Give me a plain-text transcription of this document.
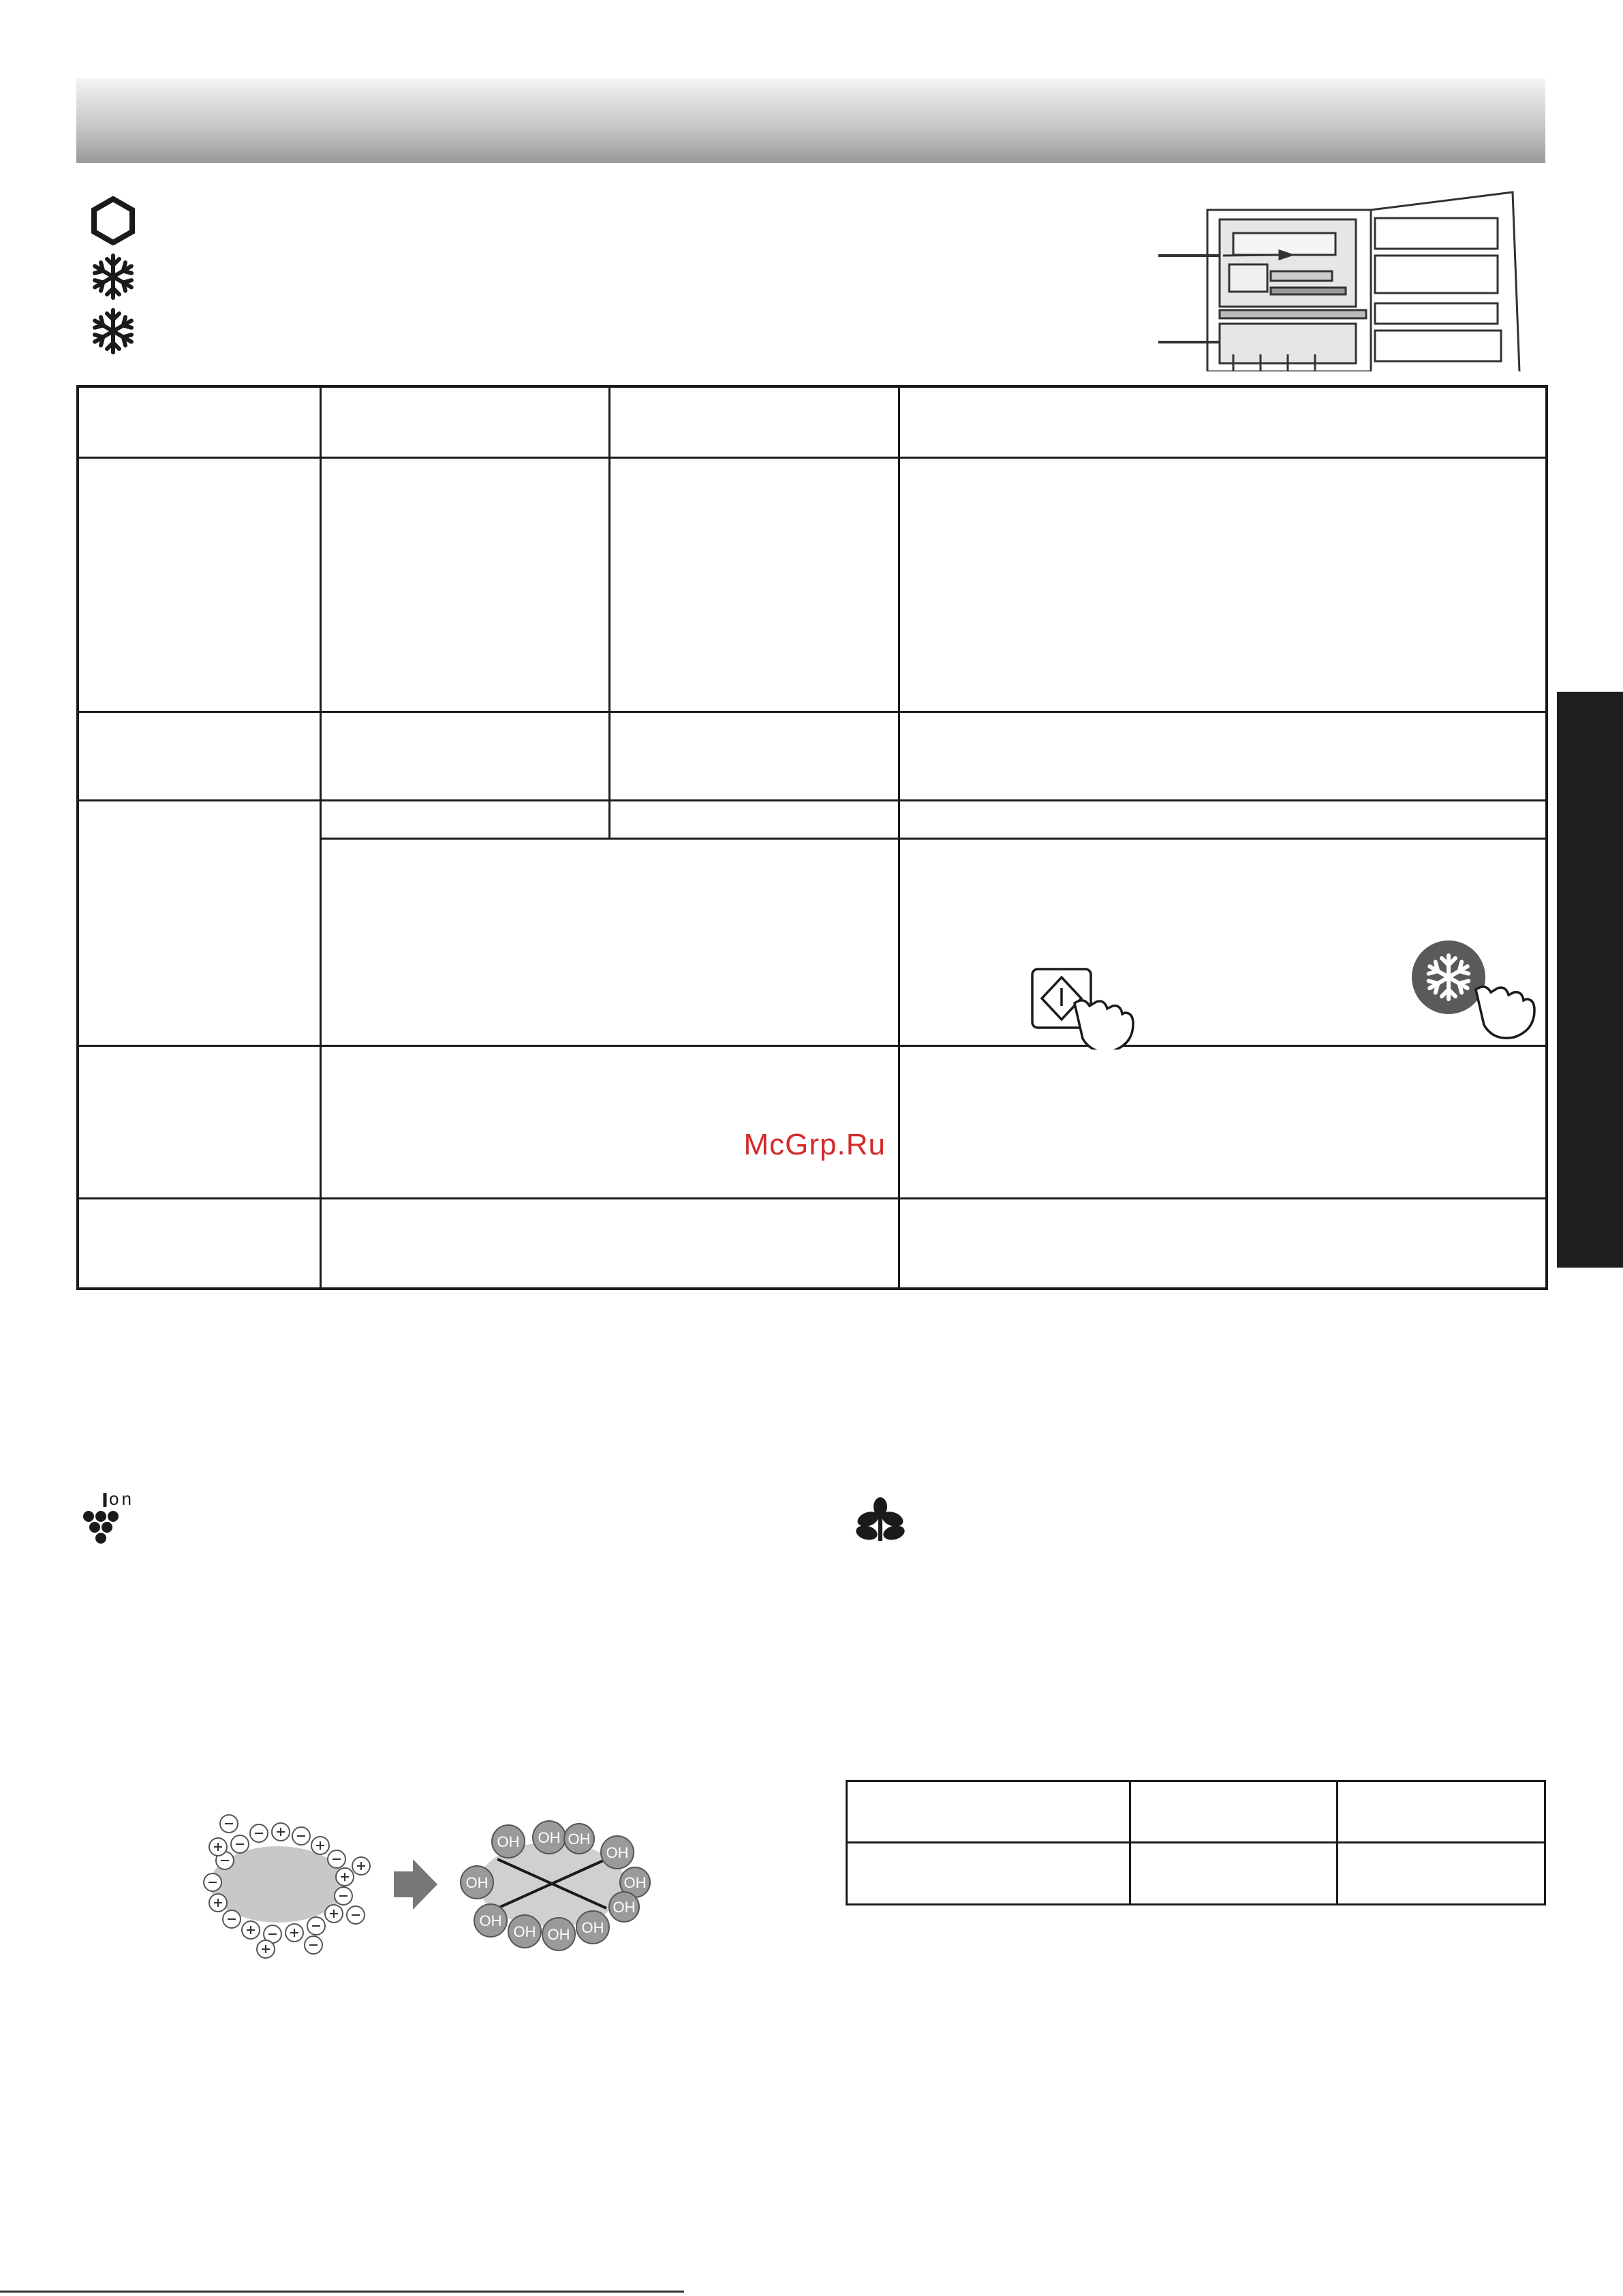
McGrp.Ru
on
OH OH OH
OH
OH	OH
OH
OH OH OH
OH
